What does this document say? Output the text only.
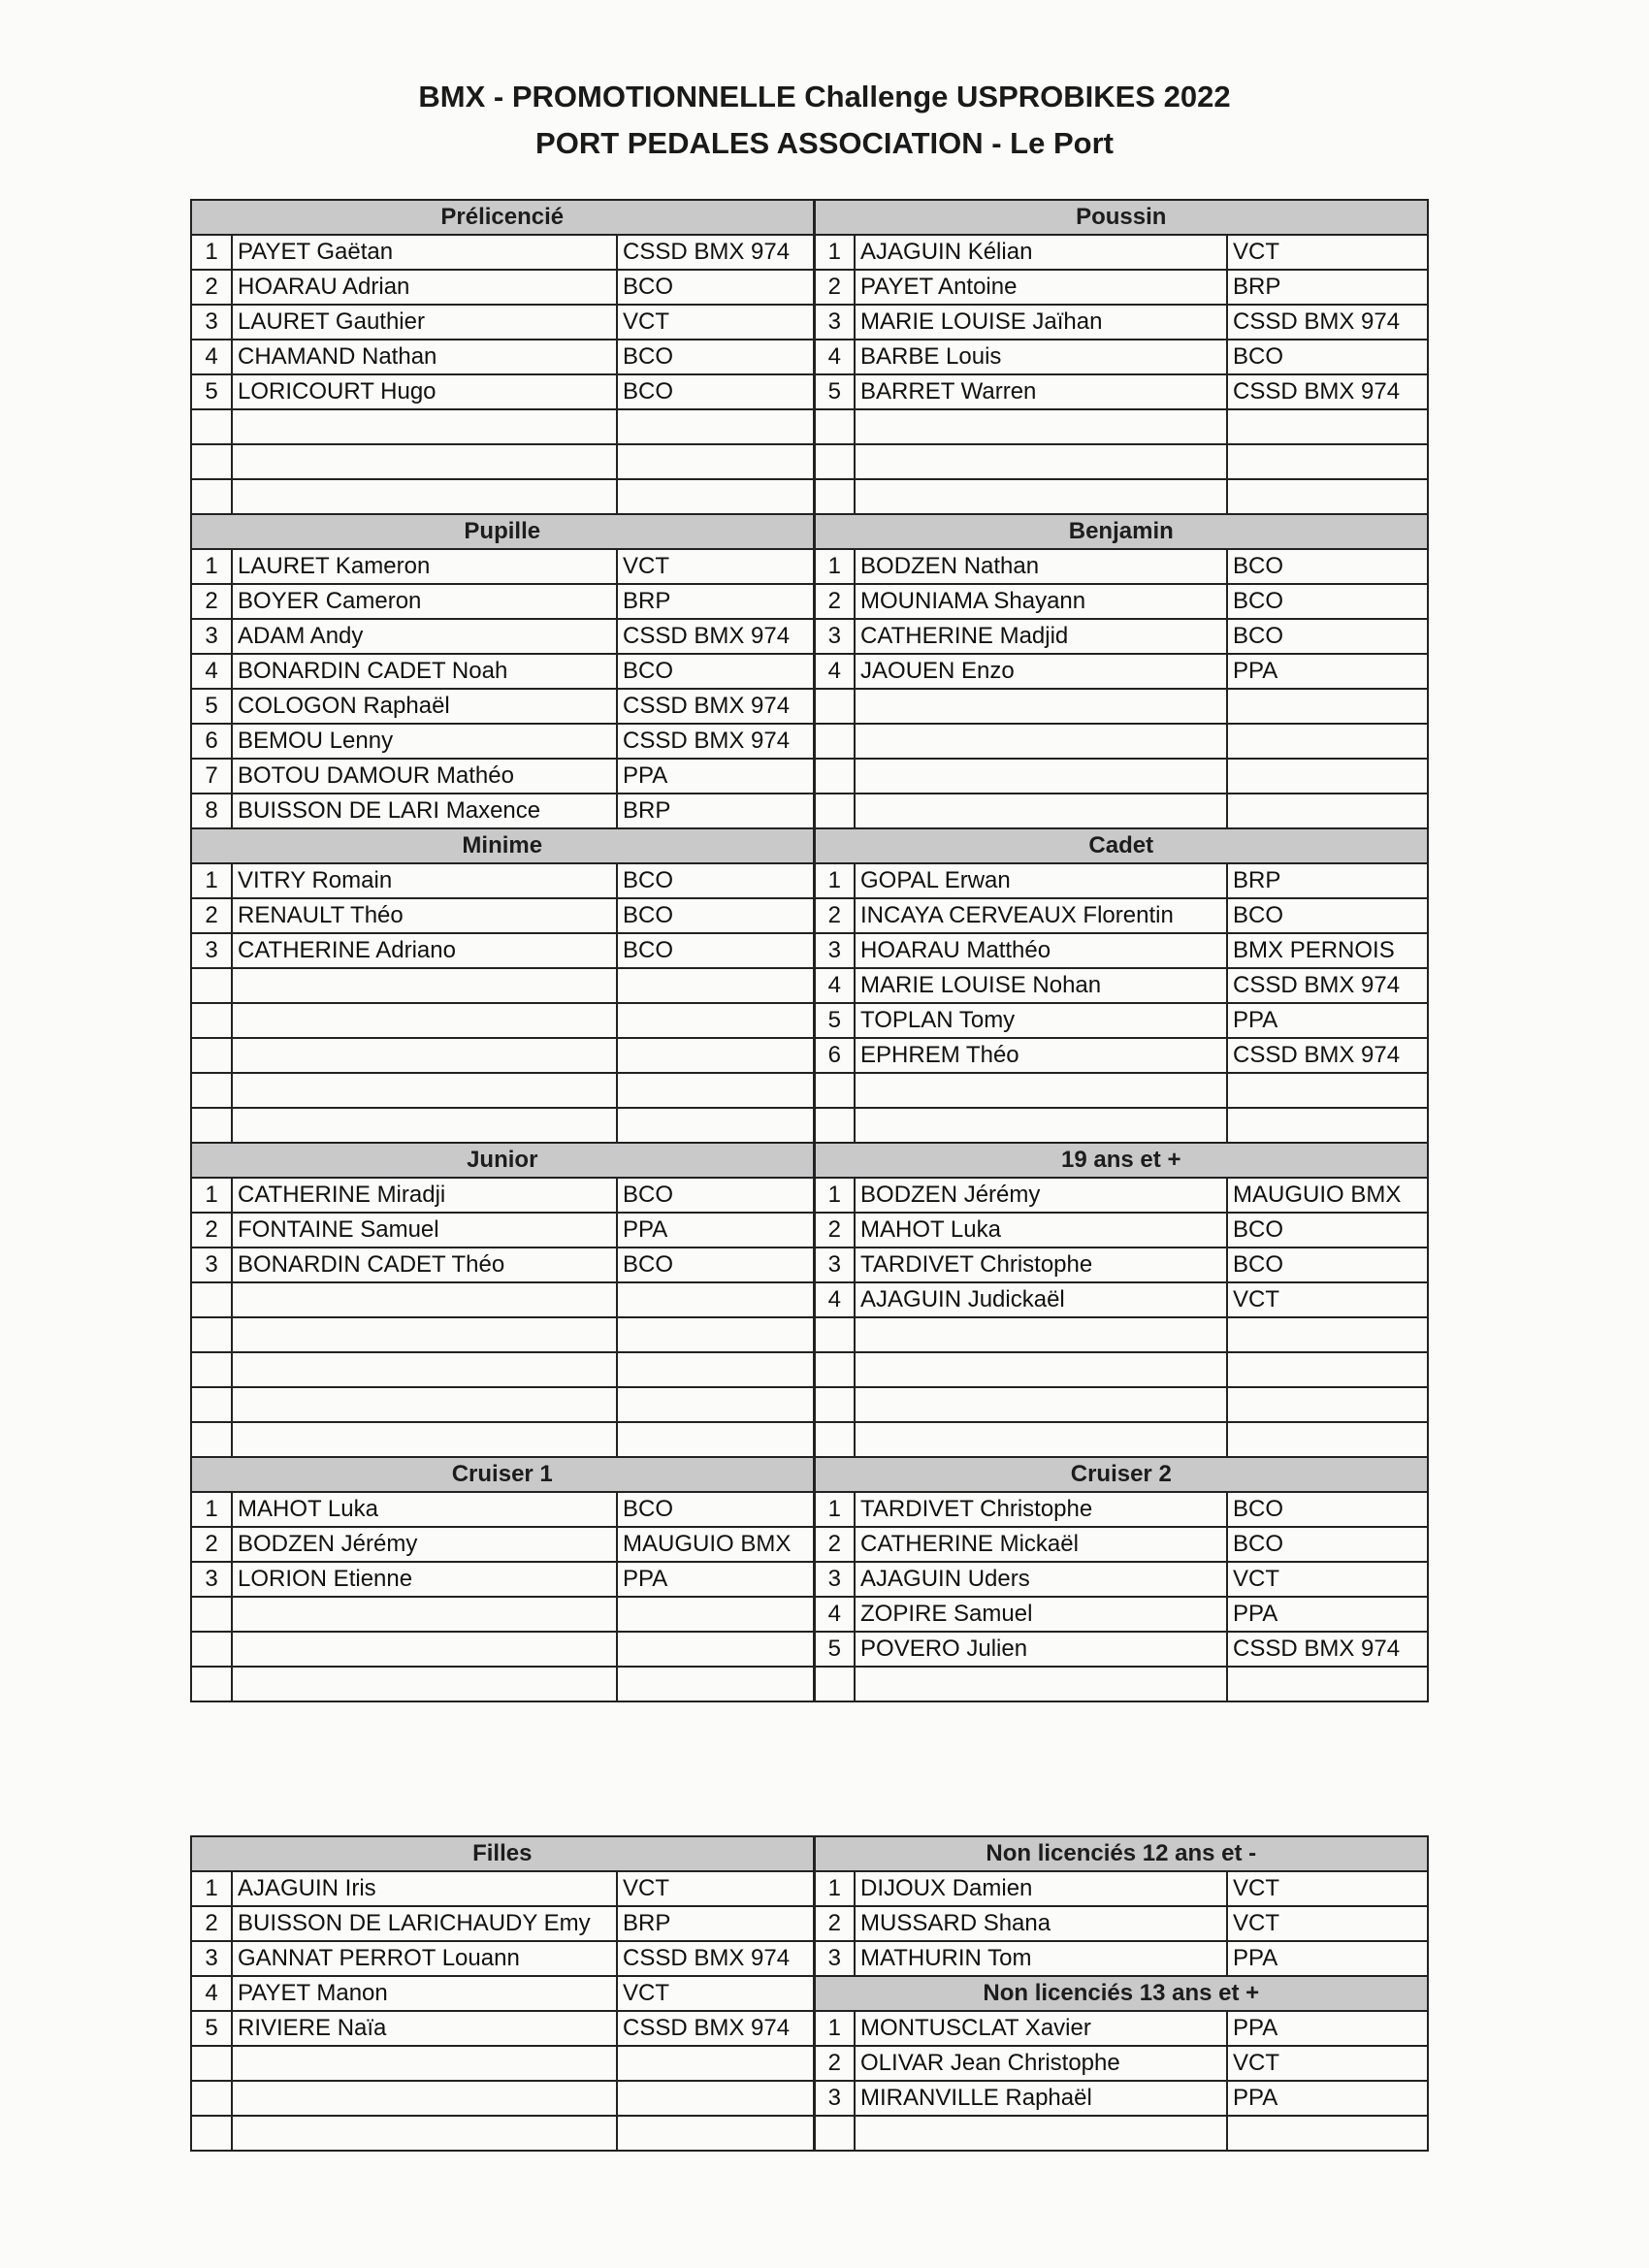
BMX - PROMOTIONNELLE Challenge USPROBIKES 2022
PORT PEDALES ASSOCIATION - Le Port
Prélicencié			Poussin		
1	PAYET Gaëtan	CSSD BMX 974	1	AJAGUIN Kélian	VCT
2	HOARAU Adrian	BCO	2	PAYET Antoine	BRP
3	LAURET Gauthier	VCT	3	MARIE LOUISE Jaïhan	CSSD BMX 974
4	CHAMAND Nathan	BCO	4	BARBE Louis	BCO
5	LORICOURT Hugo	BCO	5	BARRET Warren	CSSD BMX 974

Pupille			Benjamin		
1	LAURET Kameron	VCT	1	BODZEN Nathan	BCO
2	BOYER Cameron	BRP	2	MOUNIAMA Shayann	BCO
3	ADAM Andy	CSSD BMX 974	3	CATHERINE Madjid	BCO
4	BONARDIN CADET Noah	BCO	4	JAOUEN Enzo	PPA
5	COLOGON Raphaël	CSSD BMX 974			
6	BEMOU Lenny	CSSD BMX 974			
7	BOTOU DAMOUR Mathéo	PPA			
8	BUISSON DE LARI Maxence	BRP			
Minime			Cadet		
1	VITRY Romain	BCO	1	GOPAL Erwan	BRP
2	RENAULT Théo	BCO	2	INCAYA CERVEAUX Florentin	BCO
3	CATHERINE Adriano	BCO	3	HOARAU Matthéo	BMX PERNOIS
			4	MARIE LOUISE Nohan	CSSD BMX 974
			5	TOPLAN Tomy	PPA
			6	EPHREM Théo	CSSD BMX 974

Junior			19 ans et +		
1	CATHERINE Miradji	BCO	1	BODZEN Jérémy	MAUGUIO BMX
2	FONTAINE Samuel	PPA	2	MAHOT Luka	BCO
3	BONARDIN CADET Théo	BCO	3	TARDIVET Christophe	BCO
			4	AJAGUIN Judickaël	VCT

Cruiser 1			Cruiser 2		
1	MAHOT Luka	BCO	1	TARDIVET Christophe	BCO
2	BODZEN Jérémy	MAUGUIO BMX	2	CATHERINE Mickaël	BCO
3	LORION Etienne	PPA	3	AJAGUIN Uders	VCT
			4	ZOPIRE Samuel	PPA
			5	POVERO Julien	CSSD BMX 974

Filles			Non licenciés 12 ans et -		
1	AJAGUIN Iris	VCT	1	DIJOUX Damien	VCT
2	BUISSON DE LARICHAUDY Emy	BRP	2	MUSSARD Shana	VCT
3	GANNAT PERROT Louann	CSSD BMX 974	3	MATHURIN Tom	PPA
4	PAYET Manon	VCT	Non licenciés 13 ans et +		
5	RIVIERE Naïa	CSSD BMX 974	1	MONTUSCLAT Xavier	PPA
			2	OLIVAR Jean Christophe	VCT
			3	MIRANVILLE Raphaël	PPA
